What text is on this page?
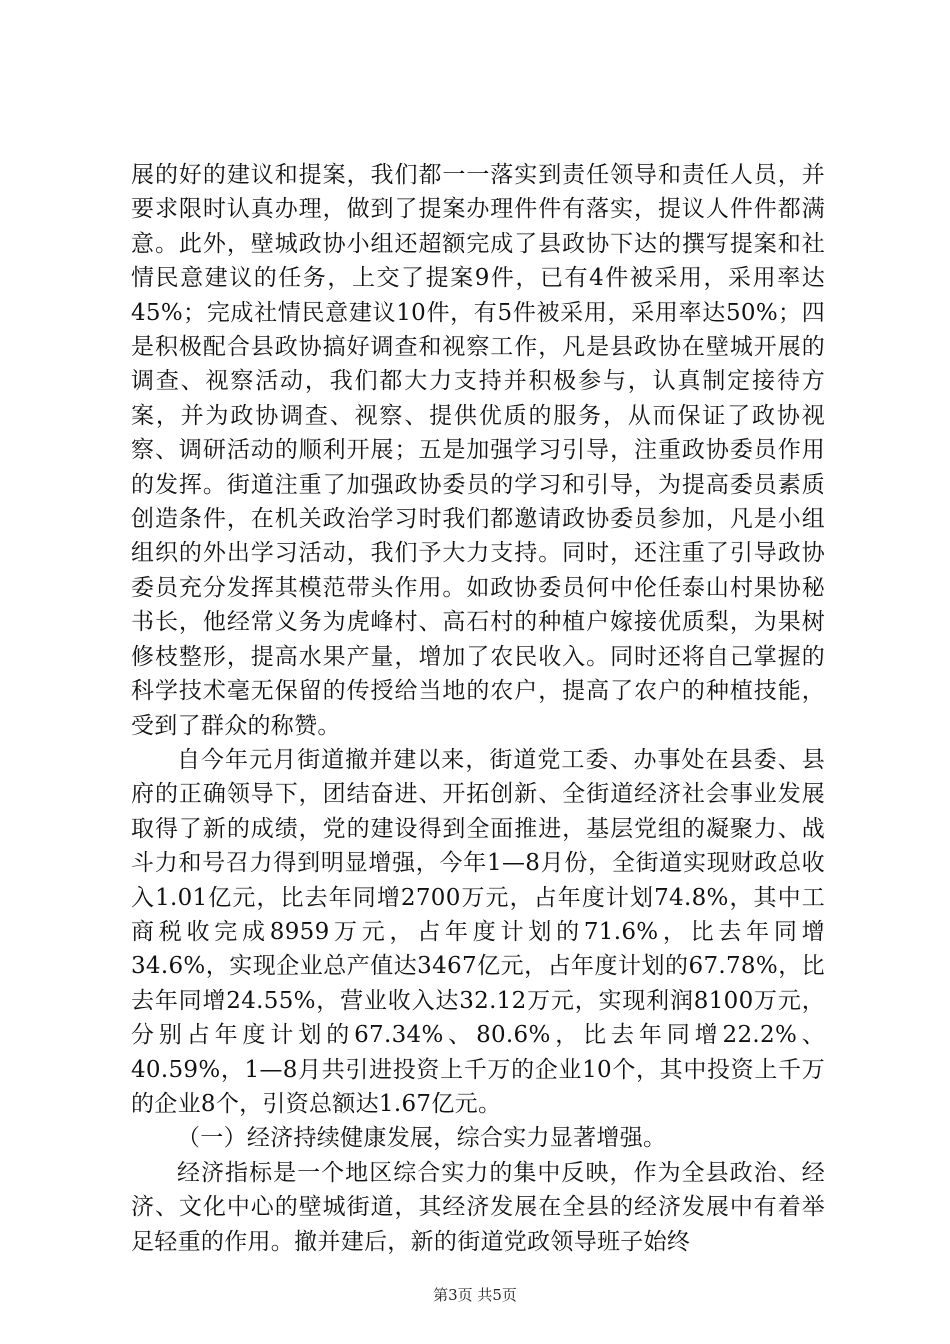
展的好的建议和提案，我们都一一落实到责任领导和责任人员，并要求限时认真办理，做到了提案办理件件有落实，提议人件件都满意。此外，壁城政协小组还超额完成了县政协下达的撰写提案和社情民意建议的任务，上交了提案9件，已有4件被采用，采用率达45%；完成社情民意建议10件，有5件被采用，采用率达50%；四是积极配合县政协搞好调查和视察工作，凡是县政协在壁城开展的调查、视察活动，我们都大力支持并积极参与，认真制定接待方案，并为政协调查、视察、提供优质的服务，从而保证了政协视察、调研活动的顺利开展；五是加强学习引导，注重政协委员作用的发挥。街道注重了加强政协委员的学习和引导，为提高委员素质创造条件，在机关政治学习时我们都邀请政协委员参加，凡是小组组织的外出学习活动，我们予大力支持。同时，还注重了引导政协委员充分发挥其模范带头作用。如政协委员何中伦任泰山村果协秘书长，他经常义务为虎峰村、高石村的种植户嫁接优质梨，为果树修枝整形，提高水果产量，增加了农民收入。同时还将自己掌握的科学技术毫无保留的传授给当地的农户，提高了农户的种植技能，受到了群众的称赞。

自今年元月街道撤并建以来，街道党工委、办事处在县委、县府的正确领导下，团结奋进、开拓创新、全街道经济社会事业发展取得了新的成绩，党的建设得到全面推进，基层党组的凝聚力、战斗力和号召力得到明显增强，今年1—8月份，全街道实现财政总收入1.01亿元，比去年同增2700万元，占年度计划74.8%，其中工商税收完成8959万元，占年度计划的71.6%，比去年同增34.6%，实现企业总产值达3467亿元，占年度计划的67.78%，比去年同增24.55%，营业收入达32.12万元，实现利润8100万元，分别占年度计划的67.34%、80.6%，比去年同增22.2%、40.59%，1—8月共引进投资上千万的企业10个，其中投资上千万的企业8个，引资总额达1.67亿元。

（一）经济持续健康发展，综合实力显著增强。

经济指标是一个地区综合实力的集中反映，作为全县政治、经济、文化中心的壁城街道，其经济发展在全县的经济发展中有着举足轻重的作用。撤并建后，新的街道党政领导班子始终

第3页 共5页
